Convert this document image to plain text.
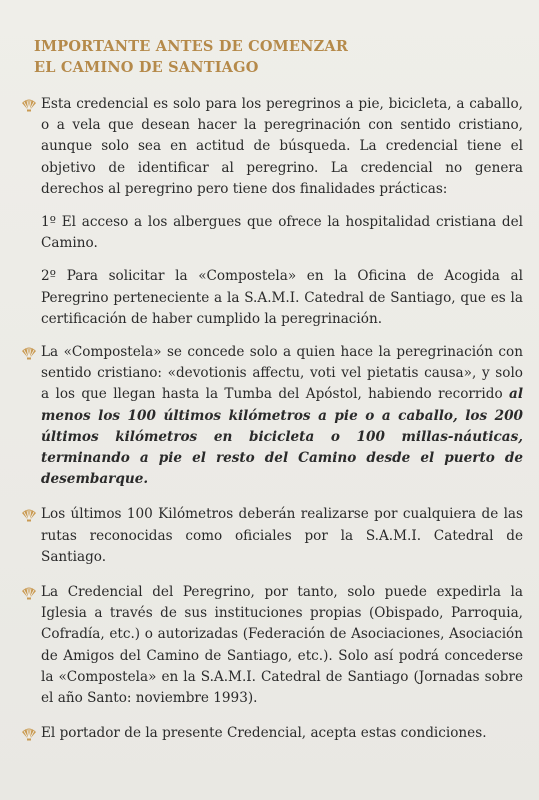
IMPORTANTE ANTES DE COMENZAR
EL CAMINO DE SANTIAGO

Esta credencial es solo para los peregrinos a pie, bicicleta, a caballo, o a vela que desean hacer la peregrinación con sentido cristiano, aunque solo sea en actitud de búsqueda. La credencial tiene el objetivo de identificar al peregrino. La credencial no genera derechos al peregrino pero tiene dos finalidades prácticas:

1º El acceso a los albergues que ofrece la hospitalidad cristiana del Camino.

2º Para solicitar la «Compostela» en la Oficina de Acogida al Peregrino perteneciente a la S.A.M.I. Catedral de Santiago, que es la certificación de haber cumplido la peregrinación.

La «Compostela» se concede solo a quien hace la peregrinación con sentido cristiano: «devotionis affectu, voti vel pietatis causa», y solo a los que llegan hasta la Tumba del Apóstol, habiendo recorrido al menos los 100 últimos kilómetros a pie o a caballo, los 200 últimos kilómetros en bicicleta o 100 millas-náuticas, terminando a pie el resto del Camino desde el puerto de desembarque.

Los últimos 100 Kilómetros deberán realizarse por cualquiera de las rutas reconocidas como oficiales por la S.A.M.I. Catedral de Santiago.

La Credencial del Peregrino, por tanto, solo puede expedirla la Iglesia a través de sus instituciones propias (Obispado, Parroquia, Cofradía, etc.) o autorizadas (Federación de Asociaciones, Asociación de Amigos del Camino de Santiago, etc.). Solo así podrá concederse la «Compostela» en la S.A.M.I. Catedral de Santiago (Jornadas sobre el año Santo: noviembre 1993).

El portador de la presente Credencial, acepta estas condiciones.
